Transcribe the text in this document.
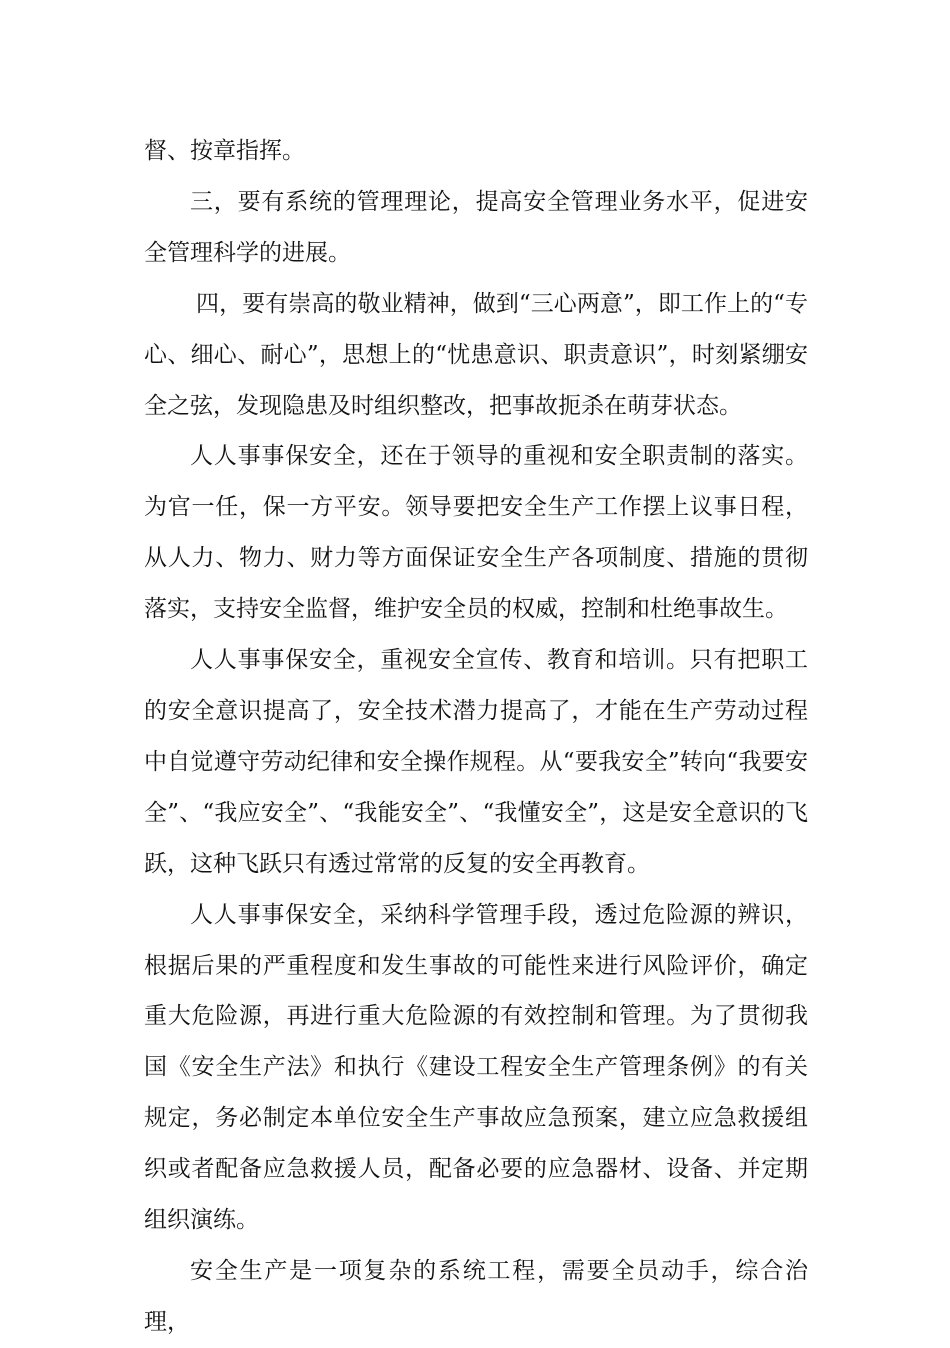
督、按章指挥。

三，要有系统的管理理论，提高安全管理业务水平，促进安全管理科学的进展。

四，要有崇高的敬业精神，做到“三心两意”，即工作上的“专心、细心、耐心”，思想上的“忧患意识、职责意识”，时刻紧绷安全之弦，发现隐患及时组织整改，把事故扼杀在萌芽状态。

人人事事保安全，还在于领导的重视和安全职责制的落实。为官一任，保一方平安。领导要把安全生产工作摆上议事日程，从人力、物力、财力等方面保证安全生产各项制度、措施的贯彻落实，支持安全监督，维护安全员的权威，控制和杜绝事故生。

人人事事保安全，重视安全宣传、教育和培训。只有把职工的安全意识提高了，安全技术潜力提高了，才能在生产劳动过程中自觉遵守劳动纪律和安全操作规程。从“要我安全”转向“我要安全”、“我应安全”、“我能安全”、“我懂安全”，这是安全意识的飞跃，这种飞跃只有透过常常的反复的安全再教育。

人人事事保安全，采纳科学管理手段，透过危险源的辨识，根据后果的严重程度和发生事故的可能性来进行风险评价，确定重大危险源，再进行重大危险源的有效控制和管理。为了贯彻我国《安全生产法》和执行《建设工程安全生产管理条例》的有关规定，务必制定本单位安全生产事故应急预案，建立应急救援组织或者配备应急救援人员，配备必要的应急器材、设备、并定期组织演练。

安全生产是一项复杂的系统工程，需要全员动手，综合治理，
